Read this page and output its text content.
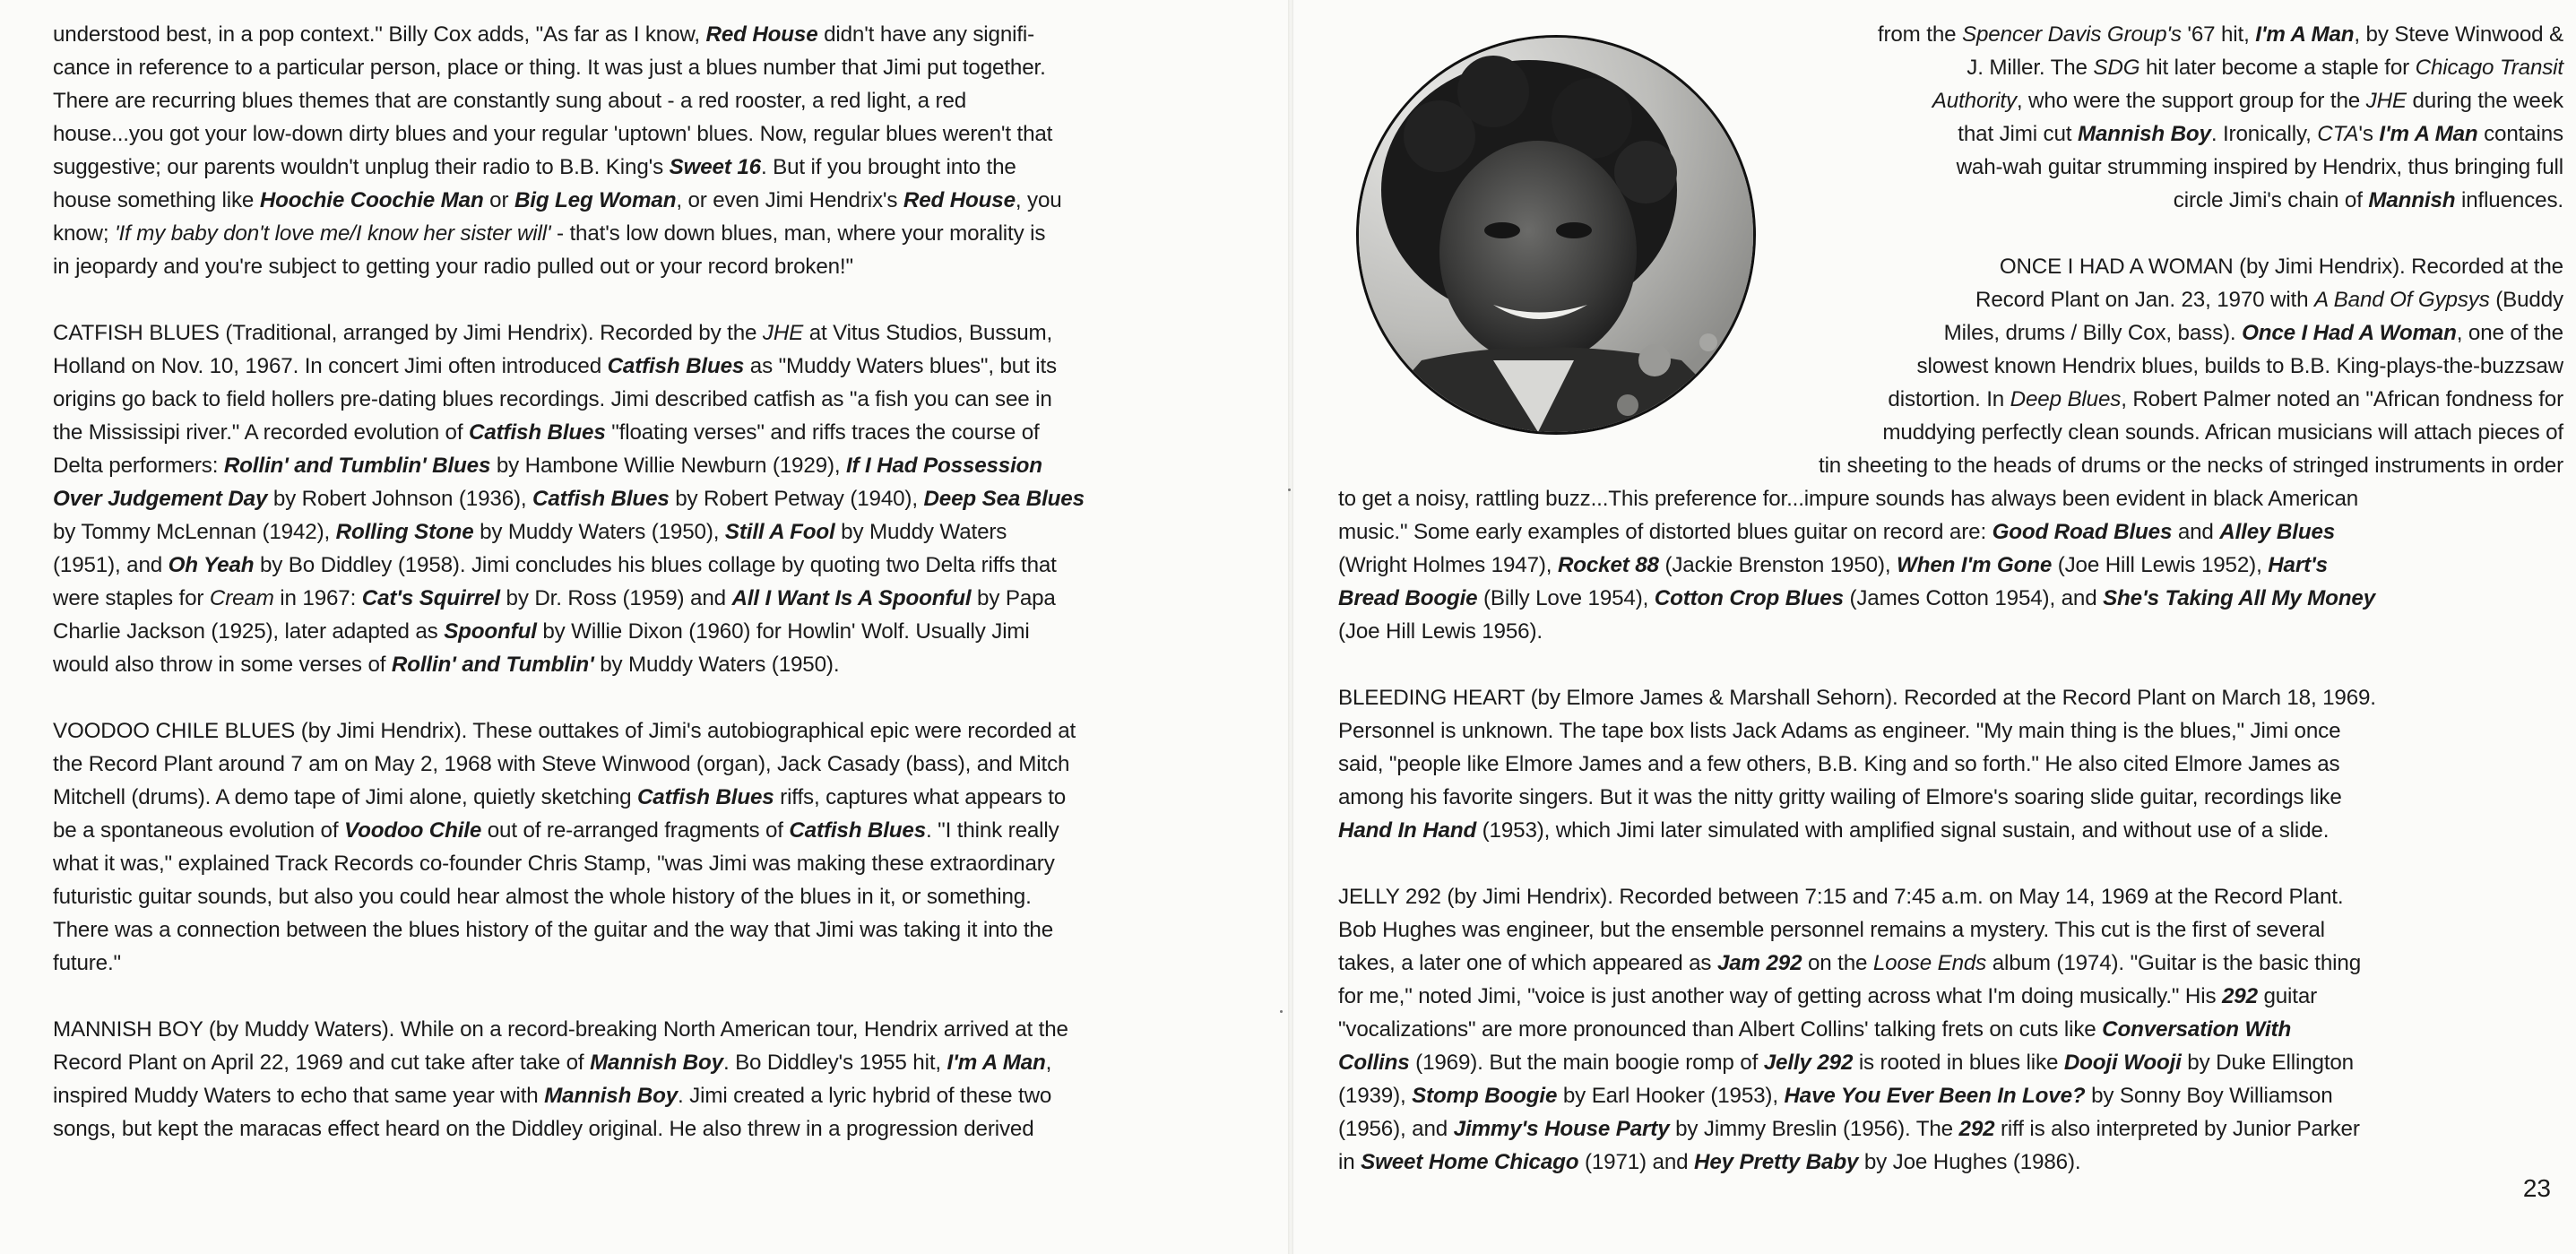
understood best, in a pop context." Billy Cox adds, "As far as I know, Red House didn't have any signifi-
cance in reference to a particular person, place or thing. It was just a blues number that Jimi put together.
There are recurring blues themes that are constantly sung about - a red rooster, a red light, a red
house...you got your low-down dirty blues and your regular 'uptown' blues. Now, regular blues weren't that
suggestive; our parents wouldn't unplug their radio to B.B. King's Sweet 16. But if you brought into the
house something like Hoochie Coochie Man or Big Leg Woman, or even Jimi Hendrix's Red House, you
know; 'If my baby don't love me/I know her sister will' - that's low down blues, man, where your morality is
in jeopardy and you're subject to getting your radio pulled out or your record broken!"
CATFISH BLUES (Traditional, arranged by Jimi Hendrix). Recorded by the JHE at Vitus Studios, Bussum,
Holland on Nov. 10, 1967. In concert Jimi often introduced Catfish Blues as "Muddy Waters blues", but its
origins go back to field hollers pre-dating blues recordings. Jimi described catfish as "a fish you can see in
the Mississipi river." A recorded evolution of Catfish Blues "floating verses" and riffs traces the course of
Delta performers: Rollin' and Tumblin' Blues by Hambone Willie Newburn (1929), If I Had Possession
Over Judgement Day by Robert Johnson (1936), Catfish Blues by Robert Petway (1940), Deep Sea Blues
by Tommy McLennan (1942), Rolling Stone by Muddy Waters (1950), Still A Fool by Muddy Waters
(1951), and Oh Yeah by Bo Diddley (1958). Jimi concludes his blues collage by quoting two Delta riffs that
were staples for Cream in 1967: Cat's Squirrel by Dr. Ross (1959) and All I Want Is A Spoonful by Papa
Charlie Jackson (1925), later adapted as Spoonful by Willie Dixon (1960) for Howlin' Wolf. Usually Jimi
would also throw in some verses of Rollin' and Tumblin' by Muddy Waters (1950).
VOODOO CHILE BLUES (by Jimi Hendrix). These outtakes of Jimi's autobiographical epic were recorded at
the Record Plant around 7 am on May 2, 1968 with Steve Winwood (organ), Jack Casady (bass), and Mitch
Mitchell (drums). A demo tape of Jimi alone, quietly sketching Catfish Blues riffs, captures what appears to
be a spontaneous evolution of Voodoo Chile out of re-arranged fragments of Catfish Blues. "I think really
what it was," explained Track Records co-founder Chris Stamp, "was Jimi was making these extraordinary
futuristic guitar sounds, but also you could hear almost the whole history of the blues in it, or something.
There was a connection between the blues history of the guitar and the way that Jimi was taking it into the
future."
MANNISH BOY (by Muddy Waters). While on a record-breaking North American tour, Hendrix arrived at the
Record Plant on April 22, 1969 and cut take after take of Mannish Boy. Bo Diddley's 1955 hit, I'm A Man,
inspired Muddy Waters to echo that same year with Mannish Boy. Jimi created a lyric hybrid of these two
songs, but kept the maracas effect heard on the Diddley original. He also threw in a progression derived
from the Spencer Davis Group's '67 hit, I'm A Man, by Steve Winwood &
J. Miller. The SDG hit later become a staple for Chicago Transit
Authority, who were the support group for the JHE during the week
that Jimi cut Mannish Boy. Ironically, CTA's I'm A Man contains
wah-wah guitar strumming inspired by Hendrix, thus bringing full
circle Jimi's chain of Mannish influences.
ONCE I HAD A WOMAN (by Jimi Hendrix). Recorded at the
Record Plant on Jan. 23, 1970 with A Band Of Gypsys (Buddy
Miles, drums / Billy Cox, bass). Once I Had A Woman, one of the
slowest known Hendrix blues, builds to B.B. King-plays-the-buzzsaw
distortion. In Deep Blues, Robert Palmer noted an "African fondness for
muddying perfectly clean sounds. African musicians will attach pieces of
tin sheeting to the heads of drums or the necks of stringed instruments in order
to get a noisy, rattling buzz...This preference for...impure sounds has always been evident in black American
music." Some early examples of distorted blues guitar on record are: Good Road Blues and Alley Blues
(Wright Holmes 1947), Rocket 88 (Jackie Brenston 1950), When I'm Gone (Joe Hill Lewis 1952), Hart's
Bread Boogie (Billy Love 1954), Cotton Crop Blues (James Cotton 1954), and She's Taking All My Money
(Joe Hill Lewis 1956).
BLEEDING HEART (by Elmore James & Marshall Sehorn). Recorded at the Record Plant on March 18, 1969.
Personnel is unknown. The tape box lists Jack Adams as engineer. "My main thing is the blues," Jimi once
said, "people like Elmore James and a few others, B.B. King and so forth." He also cited Elmore James as
among his favorite singers. But it was the nitty gritty wailing of Elmore's soaring slide guitar, recordings like
Hand In Hand (1953), which Jimi later simulated with amplified signal sustain, and without use of a slide.
JELLY 292 (by Jimi Hendrix). Recorded between 7:15 and 7:45 a.m. on May 14, 1969 at the Record Plant.
Bob Hughes was engineer, but the ensemble personnel remains a mystery. This cut is the first of several
takes, a later one of which appeared as Jam 292 on the Loose Ends album (1974). "Guitar is the basic thing
for me," noted Jimi, "voice is just another way of getting across what I'm doing musically." His 292 guitar
"vocalizations" are more pronounced than Albert Collins' talking frets on cuts like Conversation With
Collins (1969). But the main boogie romp of Jelly 292 is rooted in blues like Dooji Wooji by Duke Ellington
(1939), Stomp Boogie by Earl Hooker (1953), Have You Ever Been In Love? by Sonny Boy Williamson
(1956), and Jimmy's House Party by Jimmy Breslin (1956). The 292 riff is also interpreted by Junior Parker
in Sweet Home Chicago (1971) and Hey Pretty Baby by Joe Hughes (1986).
23
